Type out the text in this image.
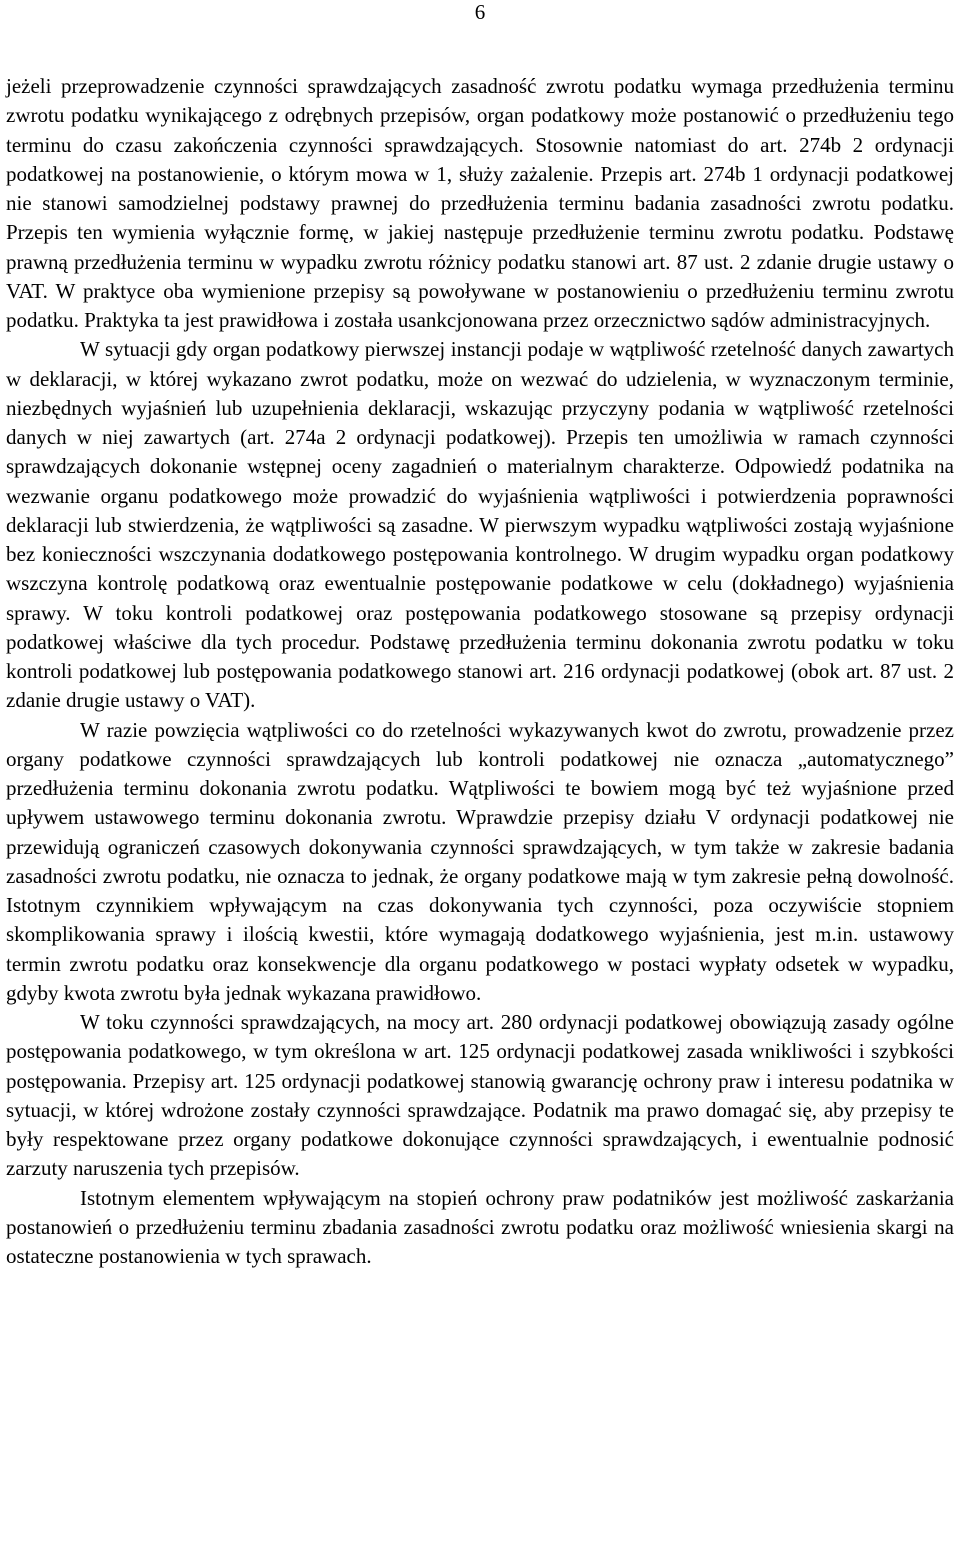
6

jeżeli przeprowadzenie czynności sprawdzających zasadność zwrotu podatku wymaga przedłużenia terminu zwrotu podatku wynikającego z odrębnych przepisów, organ podatkowy może postanowić o przedłużeniu tego terminu do czasu zakończenia czynności sprawdzających. Stosownie natomiast do art. 274b 2 ordynacji podatkowej na postanowienie, o którym mowa w 1, służy zażalenie. Przepis art. 274b 1 ordynacji podatkowej nie stanowi samodzielnej podstawy prawnej do przedłużenia terminu badania zasadności zwrotu podatku. Przepis ten wymienia wyłącznie formę, w jakiej następuje przedłużenie terminu zwrotu podatku. Podstawę prawną przedłużenia terminu w wypadku zwrotu różnicy podatku stanowi art. 87 ust. 2 zdanie drugie ustawy o VAT. W praktyce oba wymienione przepisy są powoływane w postanowieniu o przedłużeniu terminu zwrotu podatku. Praktyka ta jest prawidłowa i została usankcjonowana przez orzecznictwo sądów administracyjnych.

W sytuacji gdy organ podatkowy pierwszej instancji podaje w wątpliwość rzetelność danych zawartych w deklaracji, w której wykazano zwrot podatku, może on wezwać do udzielenia, w wyznaczonym terminie, niezbędnych wyjaśnień lub uzupełnienia deklaracji, wskazując przyczyny podania w wątpliwość rzetelności danych w niej zawartych (art. 274a 2 ordynacji podatkowej). Przepis ten umożliwia w ramach czynności sprawdzających dokonanie wstępnej oceny zagadnień o materialnym charakterze. Odpowiedź podatnika na wezwanie organu podatkowego może prowadzić do wyjaśnienia wątpliwości i potwierdzenia poprawności deklaracji lub stwierdzenia, że wątpliwości są zasadne. W pierwszym wypadku wątpliwości zostają wyjaśnione bez konieczności wszczynania dodatkowego postępowania kontrolnego. W drugim wypadku organ podatkowy wszczyna kontrolę podatkową oraz ewentualnie postępowanie podatkowe w celu (dokładnego) wyjaśnienia sprawy. W toku kontroli podatkowej oraz postępowania podatkowego stosowane są przepisy ordynacji podatkowej właściwe dla tych procedur. Podstawę przedłużenia terminu dokonania zwrotu podatku w toku kontroli podatkowej lub postępowania podatkowego stanowi art. 216 ordynacji podatkowej (obok art. 87 ust. 2 zdanie drugie ustawy o VAT).

W razie powzięcia wątpliwości co do rzetelności wykazywanych kwot do zwrotu, prowadzenie przez organy podatkowe czynności sprawdzających lub kontroli podatkowej nie oznacza „automatycznego” przedłużenia terminu dokonania zwrotu podatku. Wątpliwości te bowiem mogą być też wyjaśnione przed upływem ustawowego terminu dokonania zwrotu. Wprawdzie przepisy działu V ordynacji podatkowej nie przewidują ograniczeń czasowych dokonywania czynności sprawdzających, w tym także w zakresie badania zasadności zwrotu podatku, nie oznacza to jednak, że organy podatkowe mają w tym zakresie pełną dowolność. Istotnym czynnikiem wpływającym na czas dokonywania tych czynności, poza oczywiście stopniem skomplikowania sprawy i ilością kwestii, które wymagają dodatkowego wyjaśnienia, jest m.in. ustawowy termin zwrotu podatku oraz konsekwencje dla organu podatkowego w postaci wypłaty odsetek w wypadku, gdyby kwota zwrotu była jednak wykazana prawidłowo.

W toku czynności sprawdzających, na mocy art. 280 ordynacji podatkowej obowiązują zasady ogólne postępowania podatkowego, w tym określona w art. 125 ordynacji podatkowej zasada wnikliwości i szybkości postępowania. Przepisy art. 125 ordynacji podatkowej stanowią gwarancję ochrony praw i interesu podatnika w sytuacji, w której wdrożone zostały czynności sprawdzające. Podatnik ma prawo domagać się, aby przepisy te były respektowane przez organy podatkowe dokonujące czynności sprawdzających, i ewentualnie podnosić zarzuty naruszenia tych przepisów.

Istotnym elementem wpływającym na stopień ochrony praw podatników jest możliwość zaskarżania postanowień o przedłużeniu terminu zbadania zasadności zwrotu podatku oraz możliwość wniesienia skargi na ostateczne postanowienia w tych sprawach.
